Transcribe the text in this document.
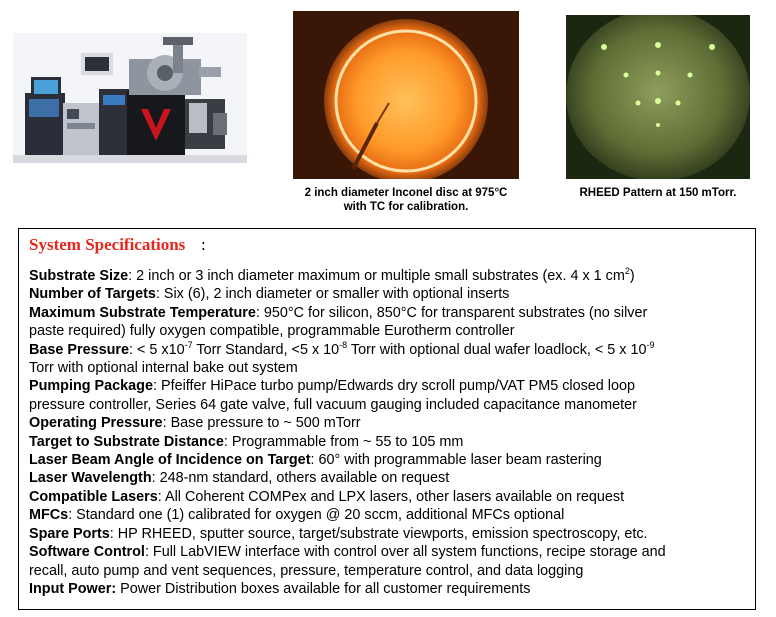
2 inch diameter Inconel disc at 975°C with TC for calibration.
RHEED Pattern at 150 mTorr.
System Specifications :
Substrate Size: 2 inch or 3 inch diameter maximum or multiple small substrates (ex. 4 x 1 $cm^2$)
Number of Targets: Six (6), 2 inch diameter or smaller with optional inserts
Maximum Substrate Temperature: 950°C for silicon, 850°C for transparent substrates (no silver
paste required) fully oxygen compatible, programmable Eurotherm controller
Base Pressure: < 5 $x10^{-7}$ Torr Standard, <5 x $10^{-8}$ Torr with optional dual wafer loadlock, < 5 x $10^{-9}$
Torr with optional internal bake out system
Pumping Package: Pfeiffer HiPace turbo pump/Edwards dry scroll pump/VAT PM5 closed loop
pressure controller, Series 64 gate valve, full vacuum gauging included capacitance manometer
Operating Pressure: Base pressure to ~ 500 mTorr
Target to Substrate Distance: Programmable from ~ 55 to 105 mm
Laser Beam Angle of Incidence on Target: 60° with programmable laser beam rastering
Laser Wavelength: 248-nm standard, others available on request
Compatible Lasers: All Coherent COMPex and LPX lasers, other lasers available on request
MFCs: Standard one (1) calibrated for oxygen @ 20 sccm, additional MFCs optional
Spare Ports: HP RHEED, sputter source, target/substrate viewports, emission spectroscopy, etc.
Software Control: Full LabVIEW interface with control over all system functions, recipe storage and
recall, auto pump and vent sequences, pressure, temperature control, and data logging
Input Power: Power Distribution boxes available for all customer requirements
